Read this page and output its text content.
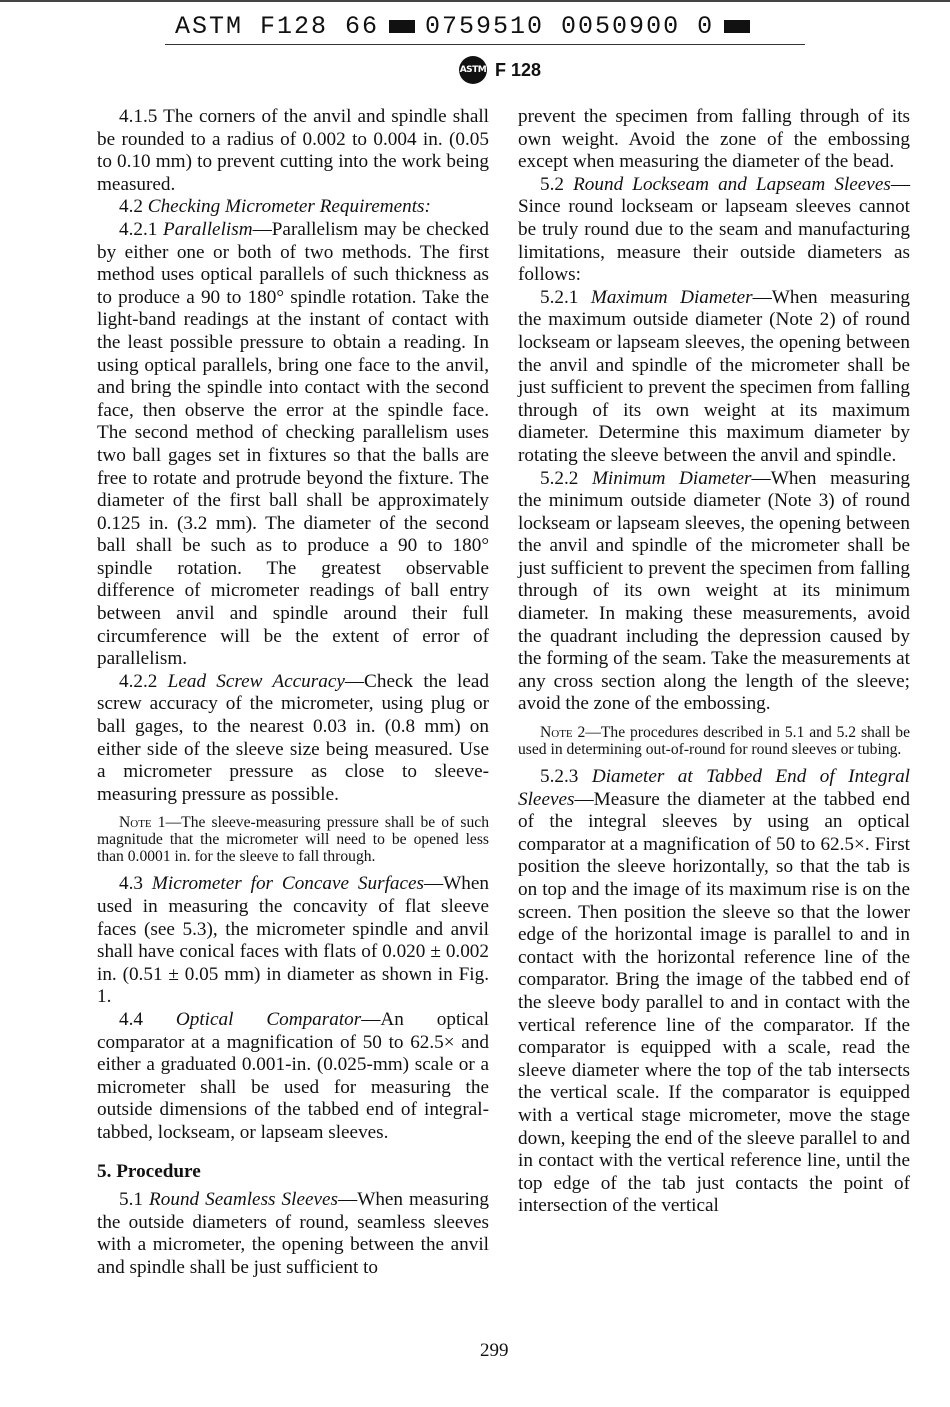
ASTM F128 66 0759510 0050900 0
ASTM F 128

4.1.5 The corners of the anvil and spindle shall be rounded to a radius of 0.002 to 0.004 in. (0.05 to 0.10 mm) to prevent cutting into the work being measured.

4.2 Checking Micrometer Requirements:

4.2.1 Parallelism—Parallelism may be checked by either one or both of two methods. The first method uses optical parallels of such thickness as to produce a 90 to 180° spindle rotation. Take the light-band readings at the instant of contact with the least possible pressure to obtain a reading. In using optical parallels, bring one face to the anvil, and bring the spindle into contact with the second face, then observe the error at the spindle face. The second method of checking parallelism uses two ball gages set in fixtures so that the balls are free to rotate and protrude beyond the fixture. The diameter of the first ball shall be approximately 0.125 in. (3.2 mm). The diameter of the second ball shall be such as to produce a 90 to 180° spindle rotation. The greatest observable difference of micrometer readings of ball entry between anvil and spindle around their full circumference will be the extent of error of parallelism.

4.2.2 Lead Screw Accuracy—Check the lead screw accuracy of the micrometer, using plug or ball gages, to the nearest 0.03 in. (0.8 mm) on either side of the sleeve size being measured. Use a micrometer pressure as close to sleeve-measuring pressure as possible.

Note 1—The sleeve-measuring pressure shall be of such magnitude that the micrometer will need to be opened less than 0.0001 in. for the sleeve to fall through.

4.3 Micrometer for Concave Surfaces—When used in measuring the concavity of flat sleeve faces (see 5.3), the micrometer spindle and anvil shall have conical faces with flats of 0.020 ± 0.002 in. (0.51 ± 0.05 mm) in diameter as shown in Fig. 1.

4.4 Optical Comparator—An optical comparator at a magnification of 50 to 62.5× and either a graduated 0.001-in. (0.025-mm) scale or a micrometer shall be used for measuring the outside dimensions of the tabbed end of integral-tabbed, lockseam, or lapseam sleeves.

5. Procedure

5.1 Round Seamless Sleeves—When measuring the outside diameters of round, seamless sleeves with a micrometer, the opening between the anvil and spindle shall be just sufficient to

prevent the specimen from falling through of its own weight. Avoid the zone of the embossing except when measuring the diameter of the bead.

5.2 Round Lockseam and Lapseam Sleeves—Since round lockseam or lapseam sleeves cannot be truly round due to the seam and manufacturing limitations, measure their outside diameters as follows:

5.2.1 Maximum Diameter—When measuring the maximum outside diameter (Note 2) of round lockseam or lapseam sleeves, the opening between the anvil and spindle of the micrometer shall be just sufficient to prevent the specimen from falling through of its own weight at its maximum diameter. Determine this maximum diameter by rotating the sleeve between the anvil and spindle.

5.2.2 Minimum Diameter—When measuring the minimum outside diameter (Note 3) of round lockseam or lapseam sleeves, the opening between the anvil and spindle of the micrometer shall be just sufficient to prevent the specimen from falling through of its own weight at its minimum diameter. In making these measurements, avoid the quadrant including the depression caused by the forming of the seam. Take the measurements at any cross section along the length of the sleeve; avoid the zone of the embossing.

Note 2—The procedures described in 5.1 and 5.2 shall be used in determining out-of-round for round sleeves or tubing.

5.2.3 Diameter at Tabbed End of Integral Sleeves—Measure the diameter at the tabbed end of the integral sleeves by using an optical comparator at a magnification of 50 to 62.5×. First position the sleeve horizontally, so that the tab is on top and the image of its maximum rise is on the screen. Then position the sleeve so that the lower edge of the horizontal image is parallel to and in contact with the horizontal reference line of the comparator. Bring the image of the tabbed end of the sleeve body parallel to and in contact with the vertical reference line of the comparator. If the comparator is equipped with a scale, read the sleeve diameter where the top of the tab intersects the vertical scale. If the comparator is equipped with a vertical stage micrometer, move the stage down, keeping the end of the sleeve parallel to and in contact with the vertical reference line, until the top edge of the tab just contacts the point of intersection of the vertical

299
